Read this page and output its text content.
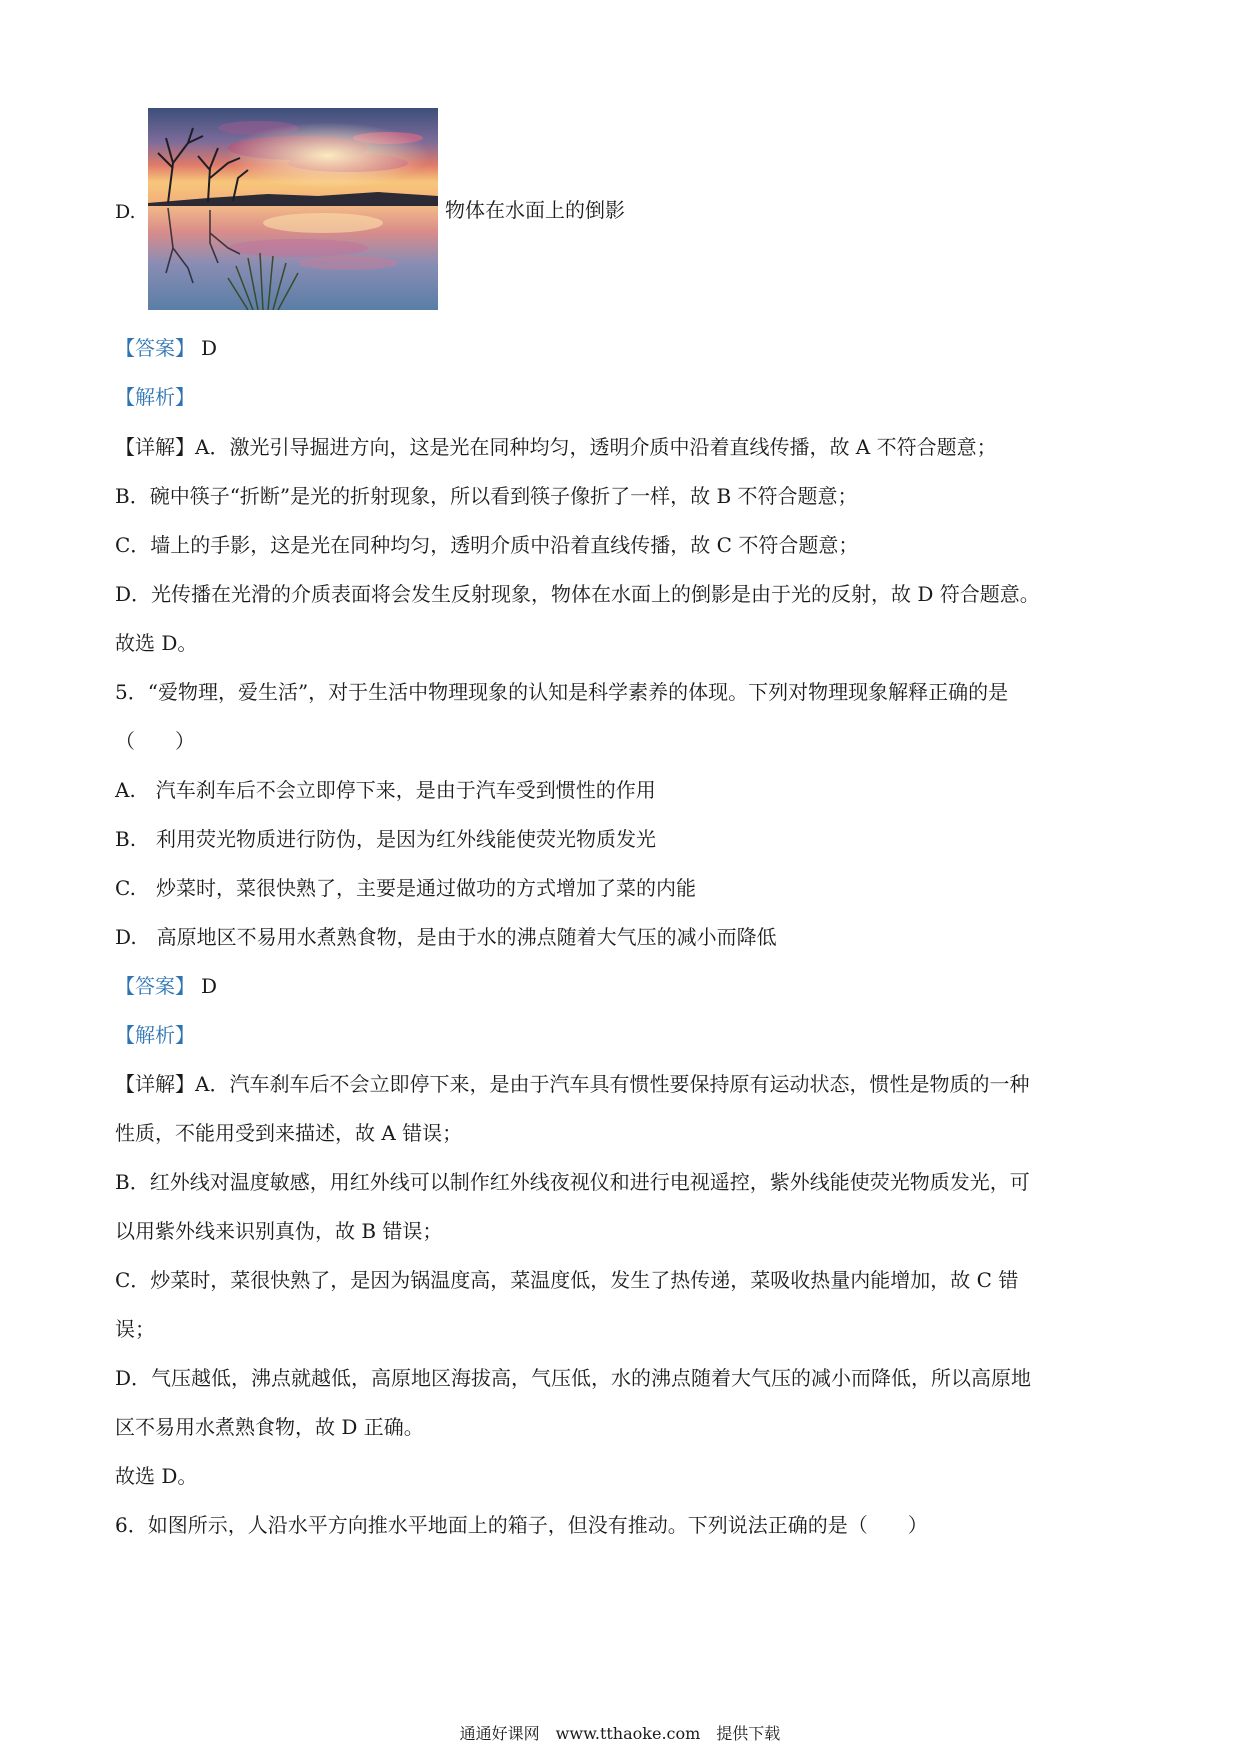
D.	物体在水面上的倒影
【答案】 D
【解析】
【详解】A．激光引导掘进方向，这是光在同种均匀，透明介质中沿着直线传播，故 A 不符合题意；
B．碗中筷子“折断”是光的折射现象，所以看到筷子像折了一样，故 B 不符合题意；
C．墙上的手影，这是光在同种均匀，透明介质中沿着直线传播，故 C 不符合题意；
D．光传播在光滑的介质表面将会发生反射现象，物体在水面上的倒影是由于光的反射，故 D 符合题意。
故选 D。
5．“爱物理，爱生活”，对于生活中物理现象的认知是科学素养的体现。下列对物理现象解释正确的是
（　　）
A.　汽车刹车后不会立即停下来，是由于汽车受到惯性的作用
B.　利用荧光物质进行防伪，是因为红外线能使荧光物质发光
C.　炒菜时，菜很快熟了，主要是通过做功的方式增加了菜的内能
D.　高原地区不易用水煮熟食物，是由于水的沸点随着大气压的减小而降低
【答案】 D
【解析】
【详解】A．汽车刹车后不会立即停下来，是由于汽车具有惯性要保持原有运动状态，惯性是物质的一种
性质，不能用受到来描述，故 A 错误；
B．红外线对温度敏感，用红外线可以制作红外线夜视仪和进行电视遥控，紫外线能使荧光物质发光，可
以用紫外线来识别真伪，故 B 错误；
C．炒菜时，菜很快熟了，是因为锅温度高，菜温度低，发生了热传递，菜吸收热量内能增加，故 C 错
误；
D．气压越低，沸点就越低，高原地区海拔高，气压低，水的沸点随着大气压的减小而降低，所以高原地
区不易用水煮熟食物，故 D 正确。
故选 D。
6．如图所示，人沿水平方向推水平地面上的箱子，但没有推动。下列说法正确的是（　　）
通通好课网　www.tthaoke.com　提供下载
